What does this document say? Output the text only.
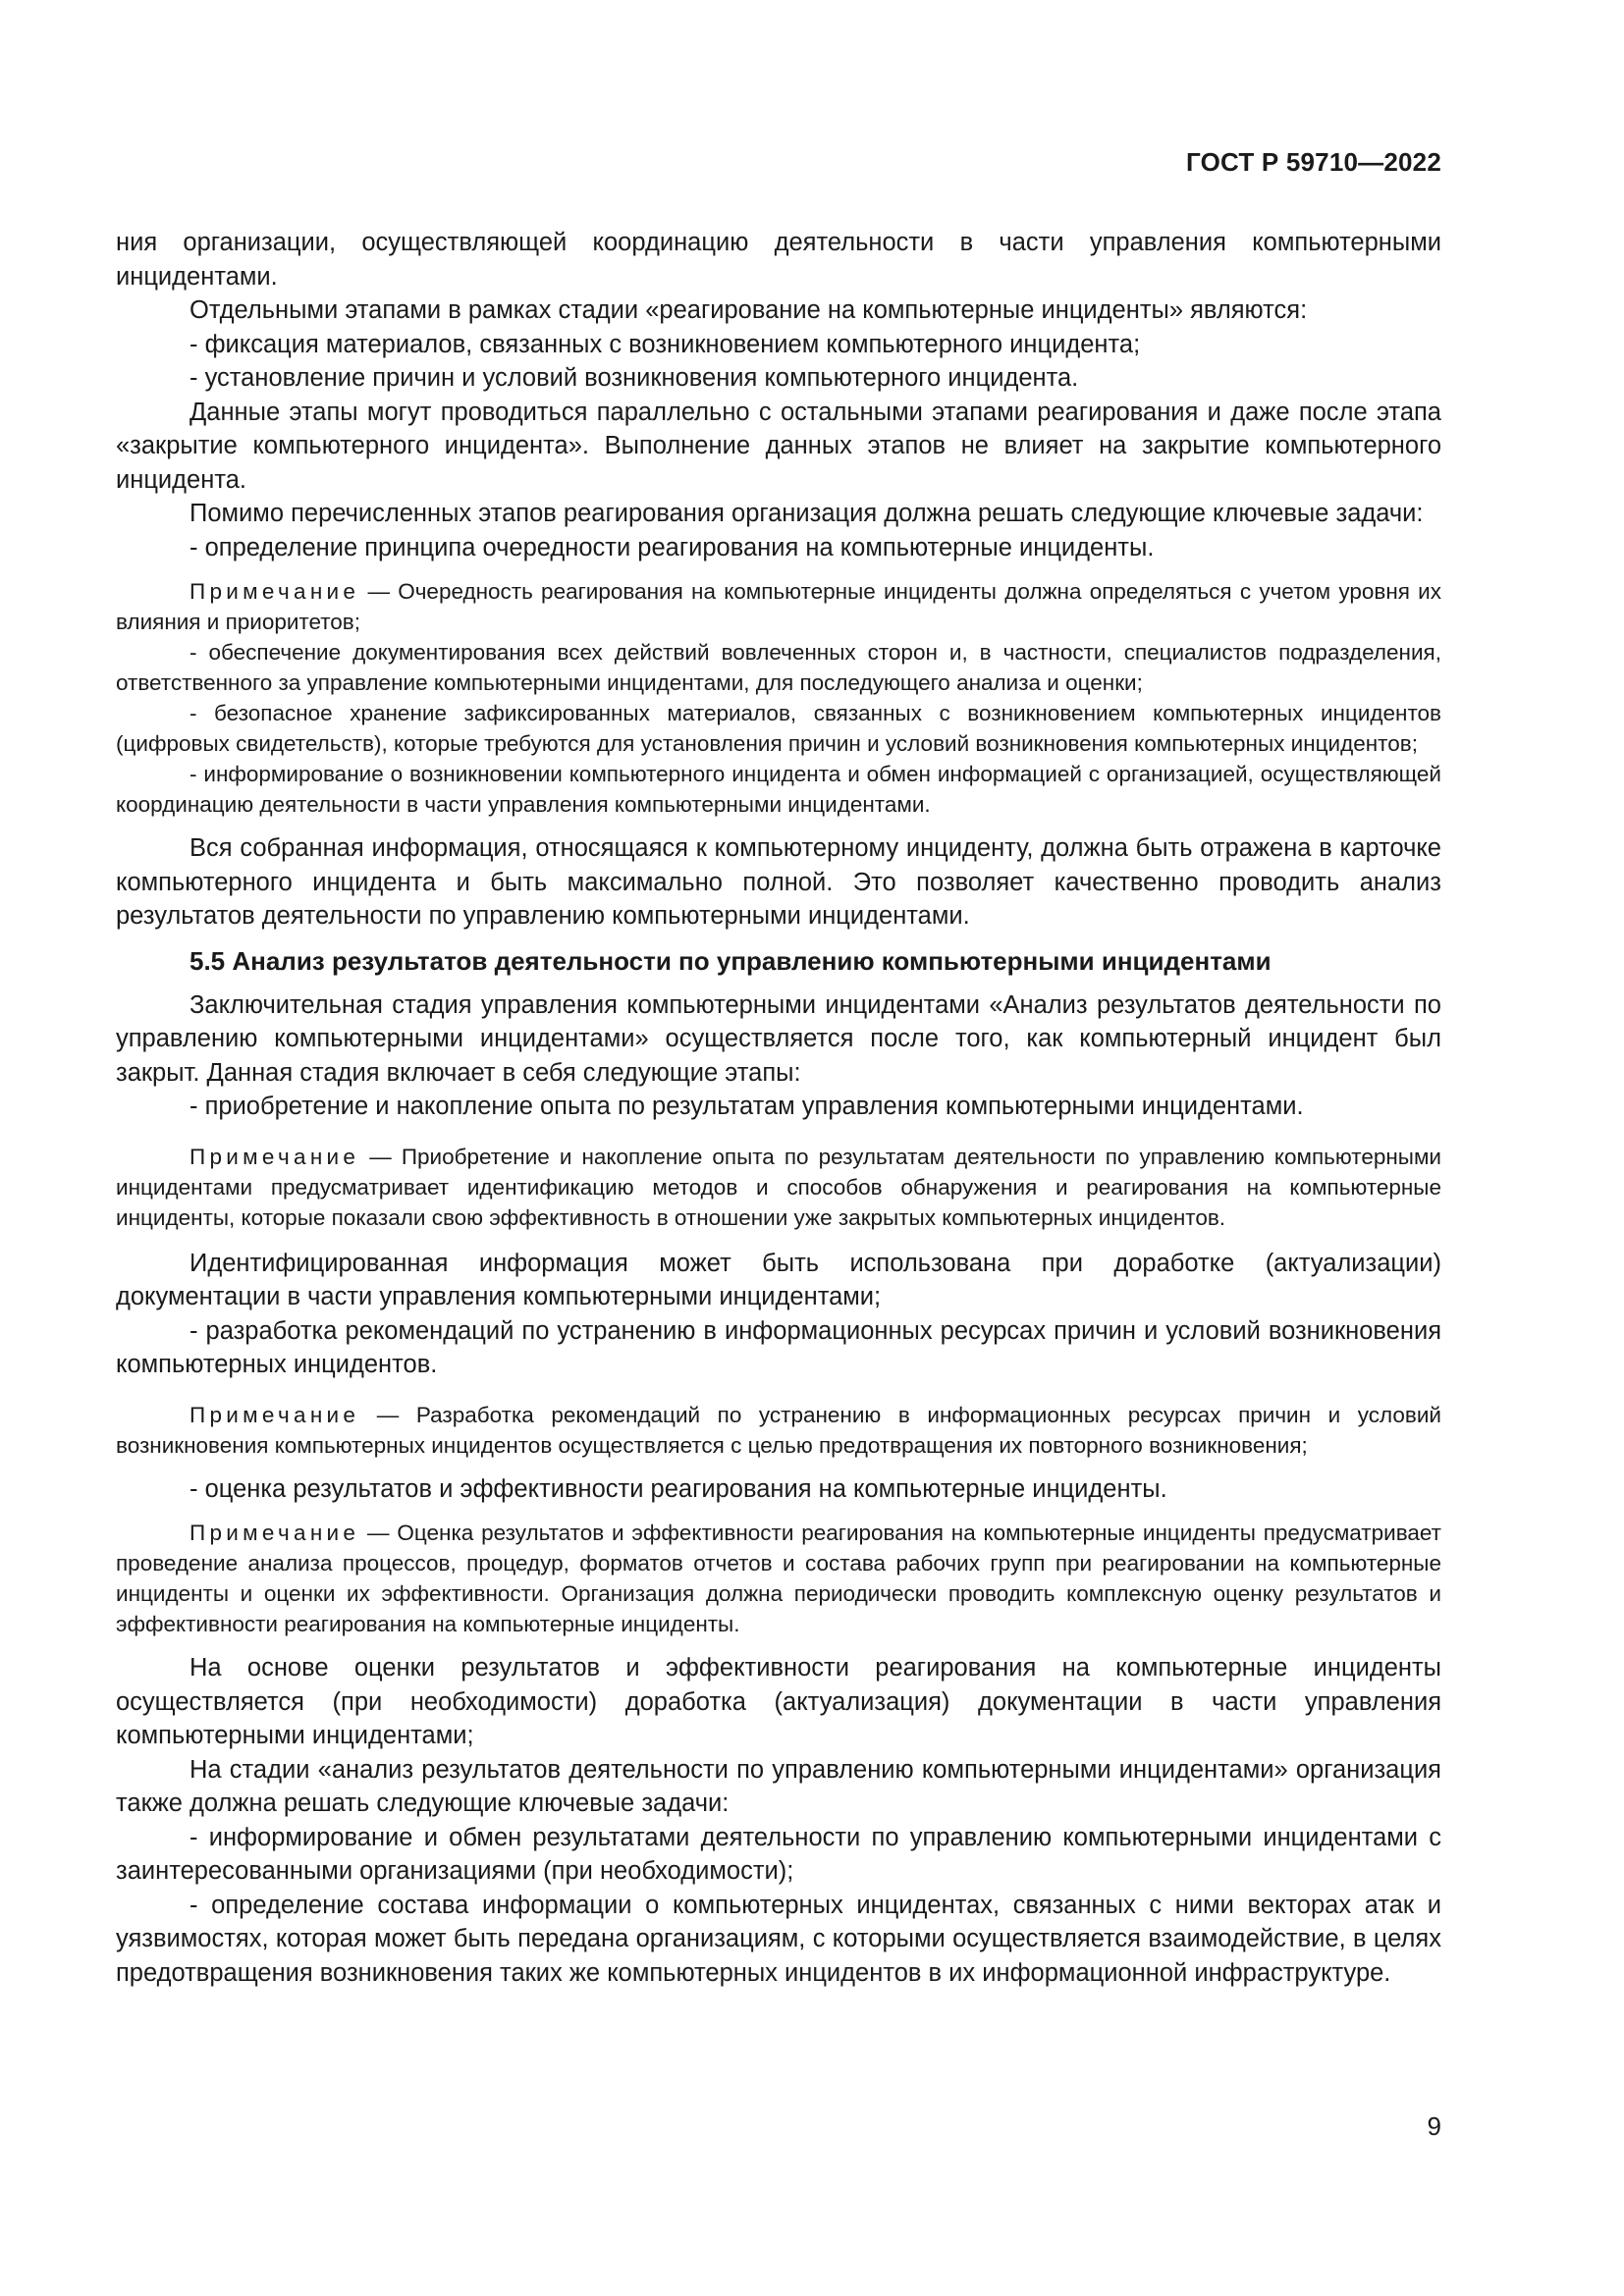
ГОСТ Р 59710—2022

ния организации, осуществляющей координацию деятельности в части управления компьютерными инцидентами.

Отдельными этапами в рамках стадии «реагирование на компьютерные инциденты» являются:

- фиксация материалов, связанных с возникновением компьютерного инцидента;

- установление причин и условий возникновения компьютерного инцидента.

Данные этапы могут проводиться параллельно с остальными этапами реагирования и даже после этапа «закрытие компьютерного инцидента». Выполнение данных этапов не влияет на закрытие компьютерного инцидента.

Помимо перечисленных этапов реагирования организация должна решать следующие ключевые задачи:

- определение принципа очередности реагирования на компьютерные инциденты.

Примечание — Очередность реагирования на компьютерные инциденты должна определяться с учетом уровня их влияния и приоритетов;

- обеспечение документирования всех действий вовлеченных сторон и, в частности, специалистов подразделения, ответственного за управление компьютерными инцидентами, для последующего анализа и оценки;

- безопасное хранение зафиксированных материалов, связанных с возникновением компьютерных инцидентов (цифровых свидетельств), которые требуются для установления причин и условий возникновения компьютерных инцидентов;

- информирование о возникновении компьютерного инцидента и обмен информацией с организацией, осуществляющей координацию деятельности в части управления компьютерными инцидентами.

Вся собранная информация, относящаяся к компьютерному инциденту, должна быть отражена в карточке компьютерного инцидента и быть максимально полной. Это позволяет качественно проводить анализ результатов деятельности по управлению компьютерными инцидентами.

5.5 Анализ результатов деятельности по управлению компьютерными инцидентами

Заключительная стадия управления компьютерными инцидентами «Анализ результатов деятельности по управлению компьютерными инцидентами» осуществляется после того, как компьютерный инцидент был закрыт. Данная стадия включает в себя следующие этапы:

- приобретение и накопление опыта по результатам управления компьютерными инцидентами.

Примечание — Приобретение и накопление опыта по результатам деятельности по управлению компьютерными инцидентами предусматривает идентификацию методов и способов обнаружения и реагирования на компьютерные инциденты, которые показали свою эффективность в отношении уже закрытых компьютерных инцидентов.

Идентифицированная информация может быть использована при доработке (актуализации) документации в части управления компьютерными инцидентами;

- разработка рекомендаций по устранению в информационных ресурсах причин и условий возникновения компьютерных инцидентов.

Примечание — Разработка рекомендаций по устранению в информационных ресурсах причин и условий возникновения компьютерных инцидентов осуществляется с целью предотвращения их повторного возникновения;

- оценка результатов и эффективности реагирования на компьютерные инциденты.

Примечание — Оценка результатов и эффективности реагирования на компьютерные инциденты предусматривает проведение анализа процессов, процедур, форматов отчетов и состава рабочих групп при реагировании на компьютерные инциденты и оценки их эффективности. Организация должна периодически проводить комплексную оценку результатов и эффективности реагирования на компьютерные инциденты.

На основе оценки результатов и эффективности реагирования на компьютерные инциденты осуществляется (при необходимости) доработка (актуализация) документации в части управления компьютерными инцидентами;

На стадии «анализ результатов деятельности по управлению компьютерными инцидентами» организация также должна решать следующие ключевые задачи:

- информирование и обмен результатами деятельности по управлению компьютерными инцидентами с заинтересованными организациями (при необходимости);

- определение состава информации о компьютерных инцидентах, связанных с ними векторах атак и уязвимостях, которая может быть передана организациям, с которыми осуществляется взаимодействие, в целях предотвращения возникновения таких же компьютерных инцидентов в их информационной инфраструктуре.

9
